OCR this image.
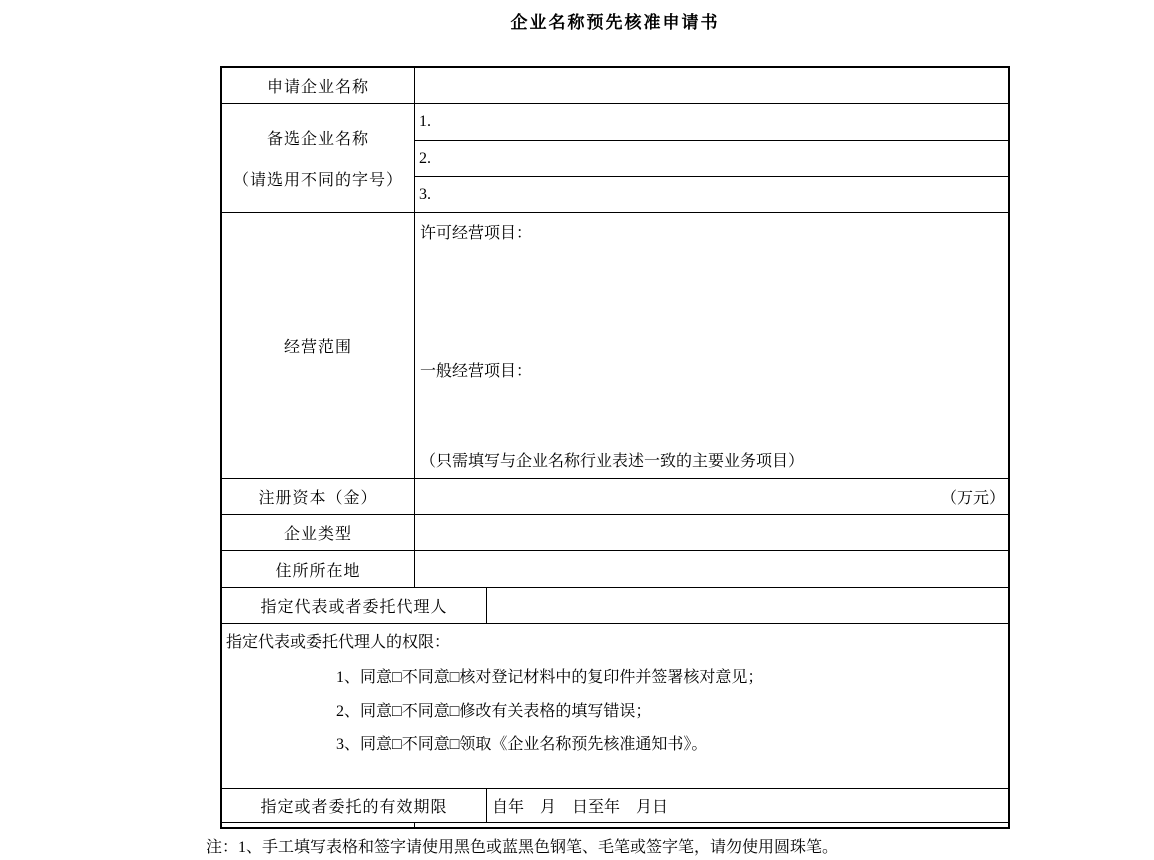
企业名称预先核准申请书
申请企业名称
备选企业名称
（请选用不同的字号）
1.
2.
3.
经营范围
许可经营项目：
一般经营项目：
（只需填写与企业名称行业表述一致的主要业务项目）
注册资本（金）	（万元）
企业类型
住所所在地
指定代表或者委托代理人
指定代表或委托代理人的权限：
1、同意□不同意□核对登记材料中的复印件并签署核对意见；
2、同意□不同意□修改有关表格的填写错误；
3、同意□不同意□领取《企业名称预先核准通知书》。
指定或者委托的有效期限	自年　月　日至年　月日
注：1、手工填写表格和签字请使用黑色或蓝黑色钢笔、毛笔或签字笔，请勿使用圆珠笔。
